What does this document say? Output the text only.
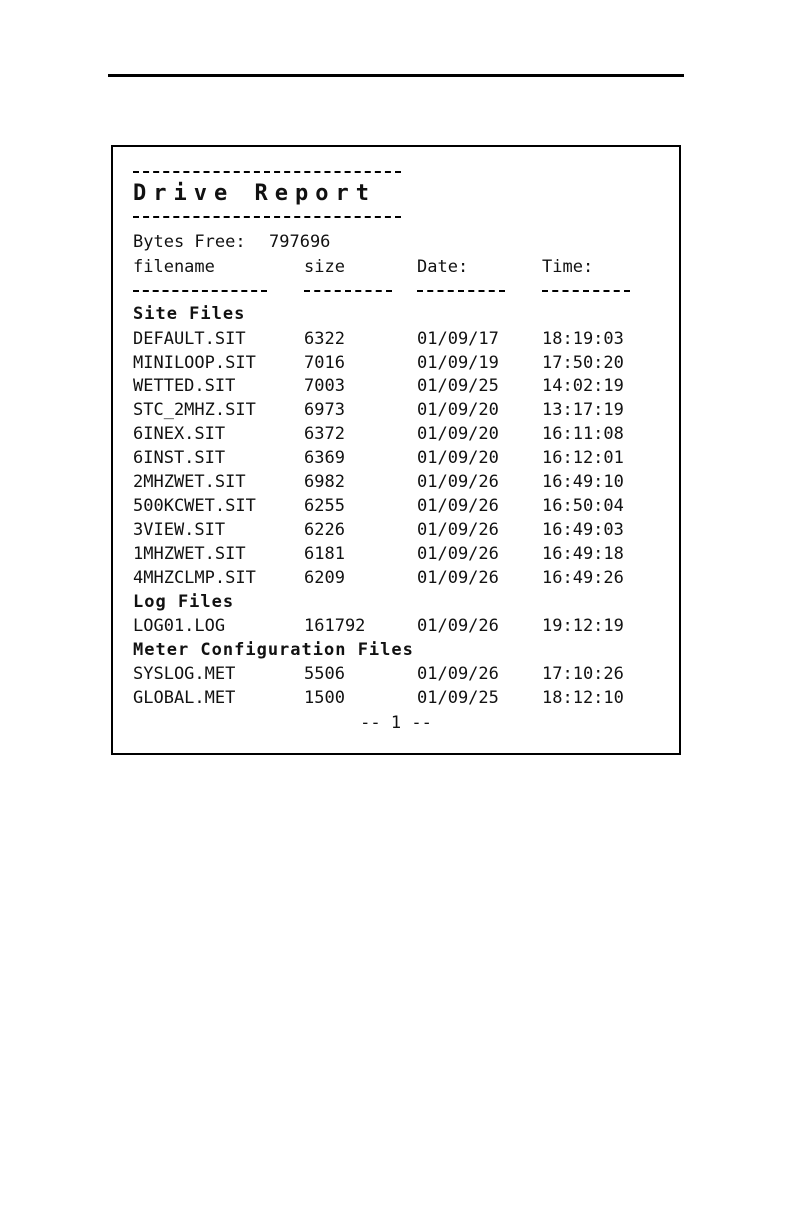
Drive Report
Bytes Free: 797696
filename	size	Date:	Time:
Site Files
DEFAULT.SIT	6322	01/09/17	18:19:03
MINILOOP.SIT	7016	01/09/19	17:50:20
WETTED.SIT	7003	01/09/25	14:02:19
STC_2MHZ.SIT	6973	01/09/20	13:17:19
6INEX.SIT	6372	01/09/20	16:11:08
6INST.SIT	6369	01/09/20	16:12:01
2MHZWET.SIT	6982	01/09/26	16:49:10
500KCWET.SIT	6255	01/09/26	16:50:04
3VIEW.SIT	6226	01/09/26	16:49:03
1MHZWET.SIT	6181	01/09/26	16:49:18
4MHZCLMP.SIT	6209	01/09/26	16:49:26
Log Files
LOG01.LOG	161792	01/09/26	19:12:19
Meter Configuration Files
SYSLOG.MET	5506	01/09/26	17:10:26
GLOBAL.MET	1500	01/09/25	18:12:10
-- 1 --
